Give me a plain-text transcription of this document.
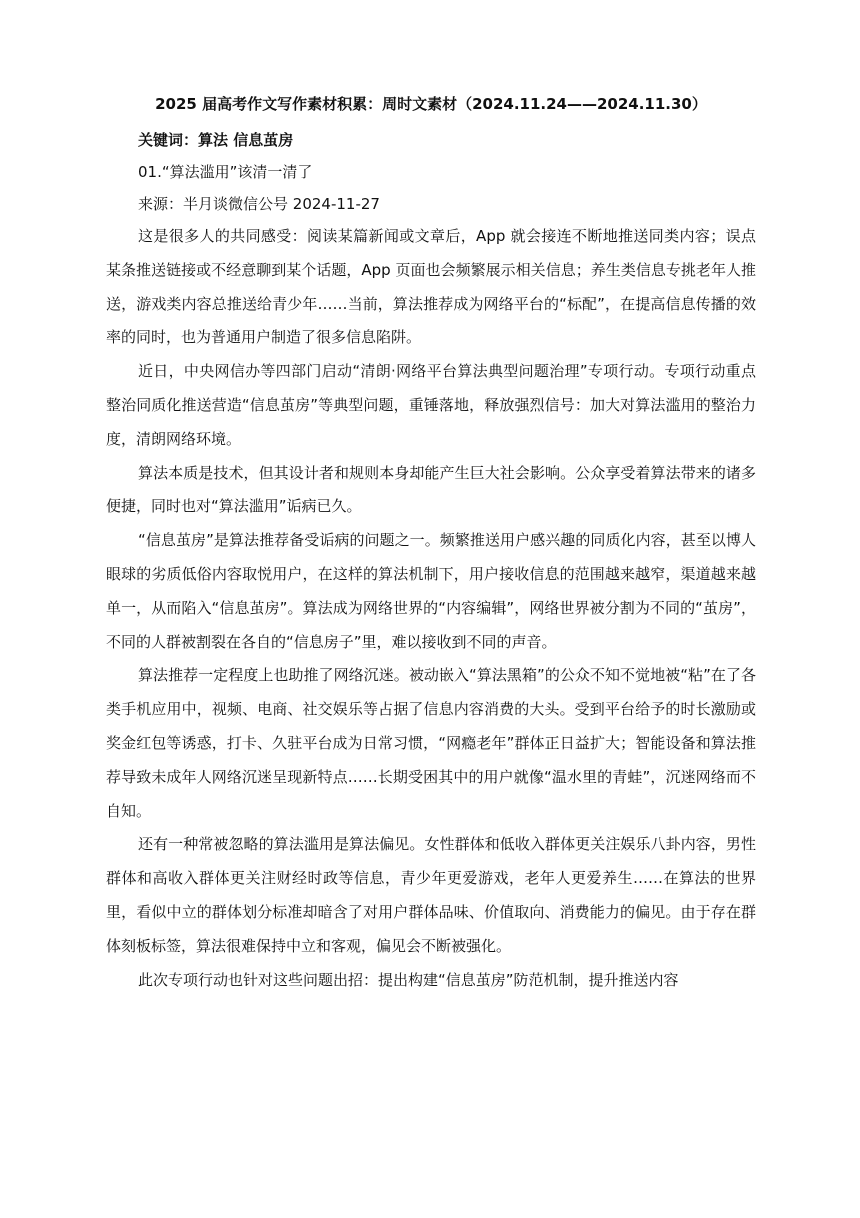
2025 届高考作文写作素材积累：周时文素材（2024.11.24——2024.11.30）
关键词：算法 信息茧房
01.“算法滥用”该清一清了
来源：半月谈微信公号 2024-11-27

这是很多人的共同感受：阅读某篇新闻或文章后，App 就会接连不断地推送同类内容；误点某条推送链接或不经意聊到某个话题，App 页面也会频繁展示相关信息；养生类信息专挑老年人推送，游戏类内容总推送给青少年……当前，算法推荐成为网络平台的“标配”，在提高信息传播的效率的同时，也为普通用户制造了很多信息陷阱。

近日，中央网信办等四部门启动“清朗·网络平台算法典型问题治理”专项行动。专项行动重点整治同质化推送营造“信息茧房”等典型问题，重锤落地，释放强烈信号：加大对算法滥用的整治力度，清朗网络环境。

算法本质是技术，但其设计者和规则本身却能产生巨大社会影响。公众享受着算法带来的诸多便捷，同时也对“算法滥用”诟病已久。

“信息茧房”是算法推荐备受诟病的问题之一。频繁推送用户感兴趣的同质化内容，甚至以博人眼球的劣质低俗内容取悦用户，在这样的算法机制下，用户接收信息的范围越来越窄，渠道越来越单一，从而陷入“信息茧房”。算法成为网络世界的“内容编辑”，网络世界被分割为不同的“茧房”，不同的人群被割裂在各自的“信息房子”里，难以接收到不同的声音。

算法推荐一定程度上也助推了网络沉迷。被动嵌入“算法黑箱”的公众不知不觉地被“粘”在了各类手机应用中，视频、电商、社交娱乐等占据了信息内容消费的大头。受到平台给予的时长激励或奖金红包等诱惑，打卡、久驻平台成为日常习惯，“网瘾老年”群体正日益扩大；智能设备和算法推荐导致未成年人网络沉迷呈现新特点……长期受困其中的用户就像“温水里的青蛙”，沉迷网络而不自知。

还有一种常被忽略的算法滥用是算法偏见。女性群体和低收入群体更关注娱乐八卦内容，男性群体和高收入群体更关注财经时政等信息，青少年更爱游戏，老年人更爱养生……在算法的世界里，看似中立的群体划分标准却暗含了对用户群体品味、价值取向、消费能力的偏见。由于存在群体刻板标签，算法很难保持中立和客观，偏见会不断被强化。

此次专项行动也针对这些问题出招：提出构建“信息茧房”防范机制，提升推送内容
